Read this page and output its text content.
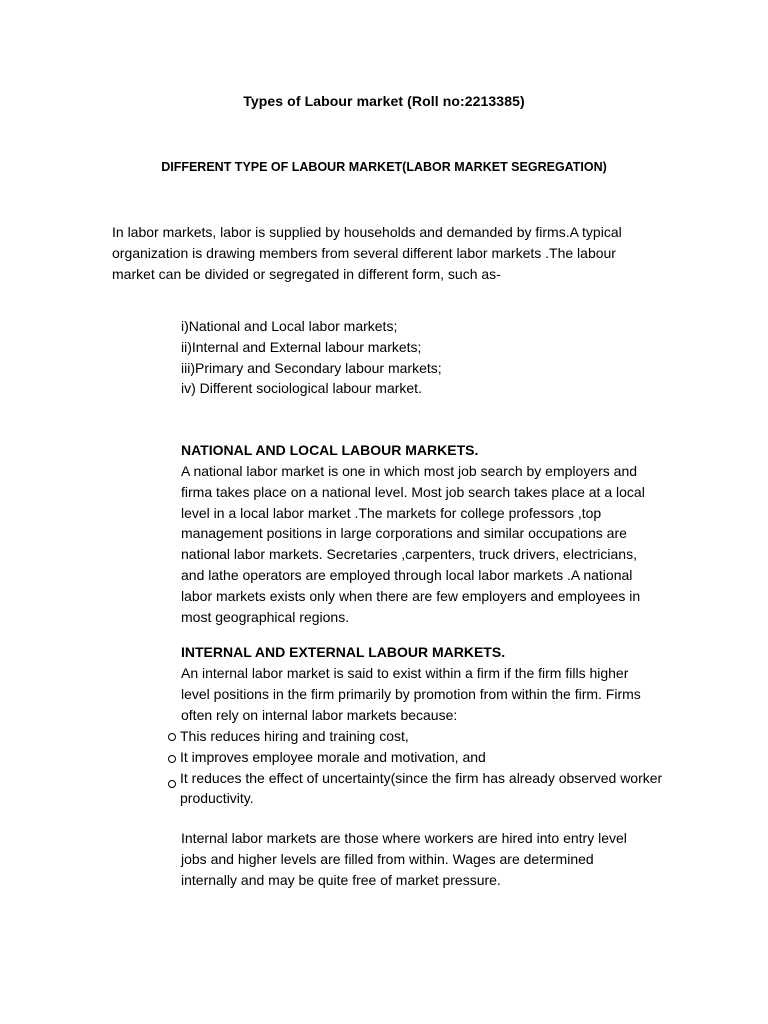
Types of Labour market (Roll no:2213385)
DIFFERENT TYPE OF LABOUR MARKET(LABOR MARKET SEGREGATION)

In labor markets, labor is supplied by households and demanded by firms.A typical organization is drawing members from several different labor markets .The labour market can be divided or segregated in different form, such as-

i)National and Local labor markets;
ii)Internal and External labour markets;
iii)Primary and Secondary labour markets;
iv) Different sociological labour market.
NATIONAL AND LOCAL LABOUR MARKETS.

A national labor market is one in which most job search by employers and firma takes place on a national level. Most job search takes place at a local level in a local labor market .The markets for college professors ,top management positions in large corporations and similar occupations are national labor markets. Secretaries ,carpenters, truck drivers, electricians, and lathe operators are employed through local labor markets .A national labor markets exists only when there are few employers and employees in most geographical regions.

INTERNAL AND EXTERNAL LABOUR MARKETS.

An internal labor market is said to exist within a firm if the firm fills higher level positions in the firm primarily by promotion from within the firm. Firms often rely on internal labor markets because:

This reduces hiring and training cost,
It improves employee morale and motivation, and
It reduces the effect of uncertainty(since the firm has already observed worker productivity.

Internal labor markets are those where workers are hired into entry level jobs and higher levels are filled from within. Wages are determined internally and may be quite free of market pressure.
